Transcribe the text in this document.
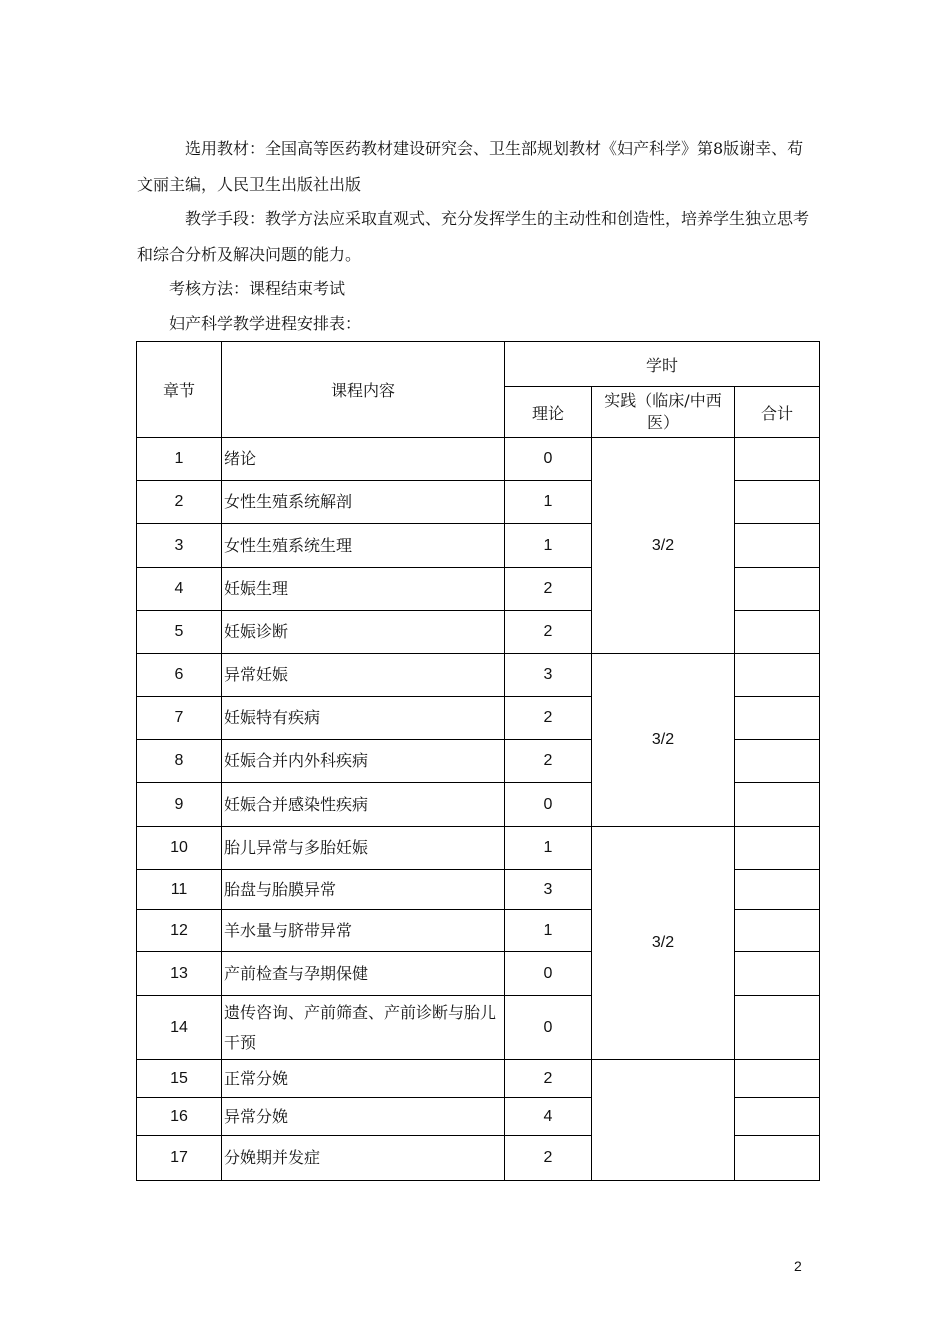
选用教材：全国高等医药教材建设研究会、卫生部规划教材《妇产科学》第8版谢幸、苟文丽主编，人民卫生出版社出版
教学手段：教学方法应采取直观式、充分发挥学生的主动性和创造性，培养学生独立思考和综合分析及解决问题的能力。
考核方法：课程结束考试
妇产科学教学进程安排表：
章节	课程内容	学时		
		理论	实践（临床/中西医）	合计
1	绪论	0	3/2	
2	女性生殖系统解剖	1		
3	女性生殖系统生理	1		
4	妊娠生理	2		
5	妊娠诊断	2		
6	异常妊娠	3	3/2	
7	妊娠特有疾病	2		
8	妊娠合并内外科疾病	2		
9	妊娠合并感染性疾病	0		
10	胎儿异常与多胎妊娠	1	3/2	
11	胎盘与胎膜异常	3		
12	羊水量与脐带异常	1		
13	产前检查与孕期保健	0		
14	遗传咨询、产前筛查、产前诊断与胎儿干预	0		
15	正常分娩	2		
16	异常分娩	4		
17	分娩期并发症	2		
2
